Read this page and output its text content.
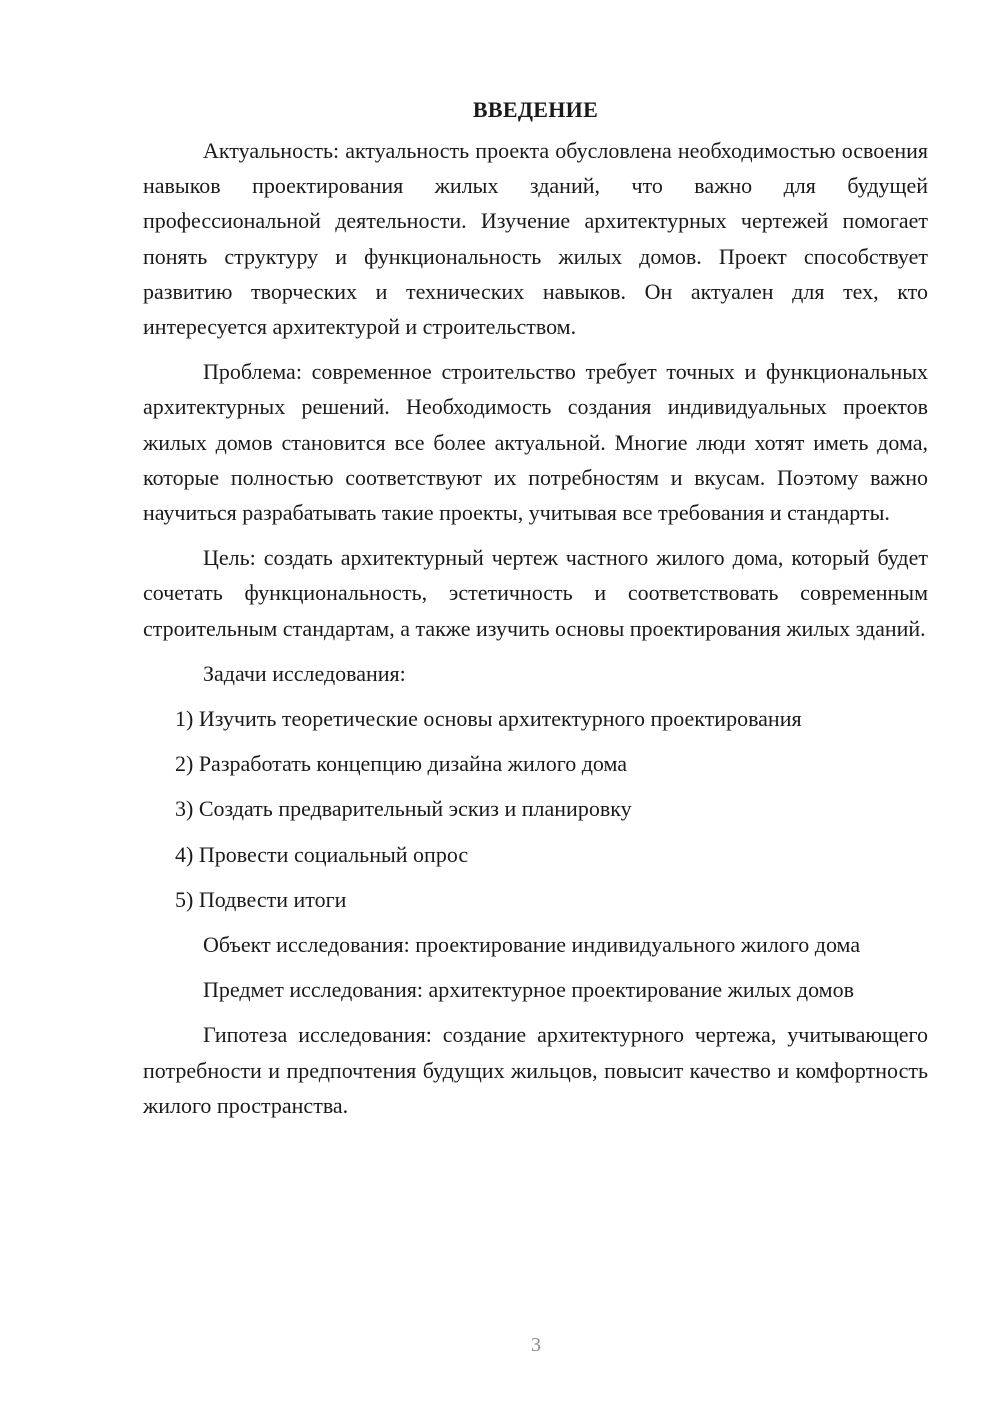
ВВЕДЕНИЕ

Актуальность: актуальность проекта обусловлена необходимостью освоения навыков проектирования жилых зданий, что важно для будущей профессиональной деятельности. Изучение архитектурных чертежей помогает понять структуру и функциональность жилых домов. Проект способствует развитию творческих и технических навыков. Он актуален для тех, кто интересуется архитектурой и строительством.

Проблема: современное строительство требует точных и функциональных архитектурных решений. Необходимость создания индивидуальных проектов жилых домов становится все более актуальной. Многие люди хотят иметь дома, которые полностью соответствуют их потребностям и вкусам. Поэтому важно научиться разрабатывать такие проекты, учитывая все требования и стандарты.

Цель: создать архитектурный чертеж частного жилого дома, который будет сочетать функциональность, эстетичность и соответствовать современным строительным стандартам, а также изучить основы проектирования жилых зданий.

Задачи исследования:

1) Изучить теоретические основы архитектурного проектирования
2) Разработать концепцию дизайна жилого дома
3) Создать предварительный эскиз и планировку
4) Провести социальный опрос
5) Подвести итоги

Объект исследования: проектирование индивидуального жилого дома

Предмет исследования: архитектурное проектирование жилых домов

Гипотеза исследования: создание архитектурного чертежа, учитывающего потребности и предпочтения будущих жильцов, повысит качество и комфортность жилого пространства.

3
